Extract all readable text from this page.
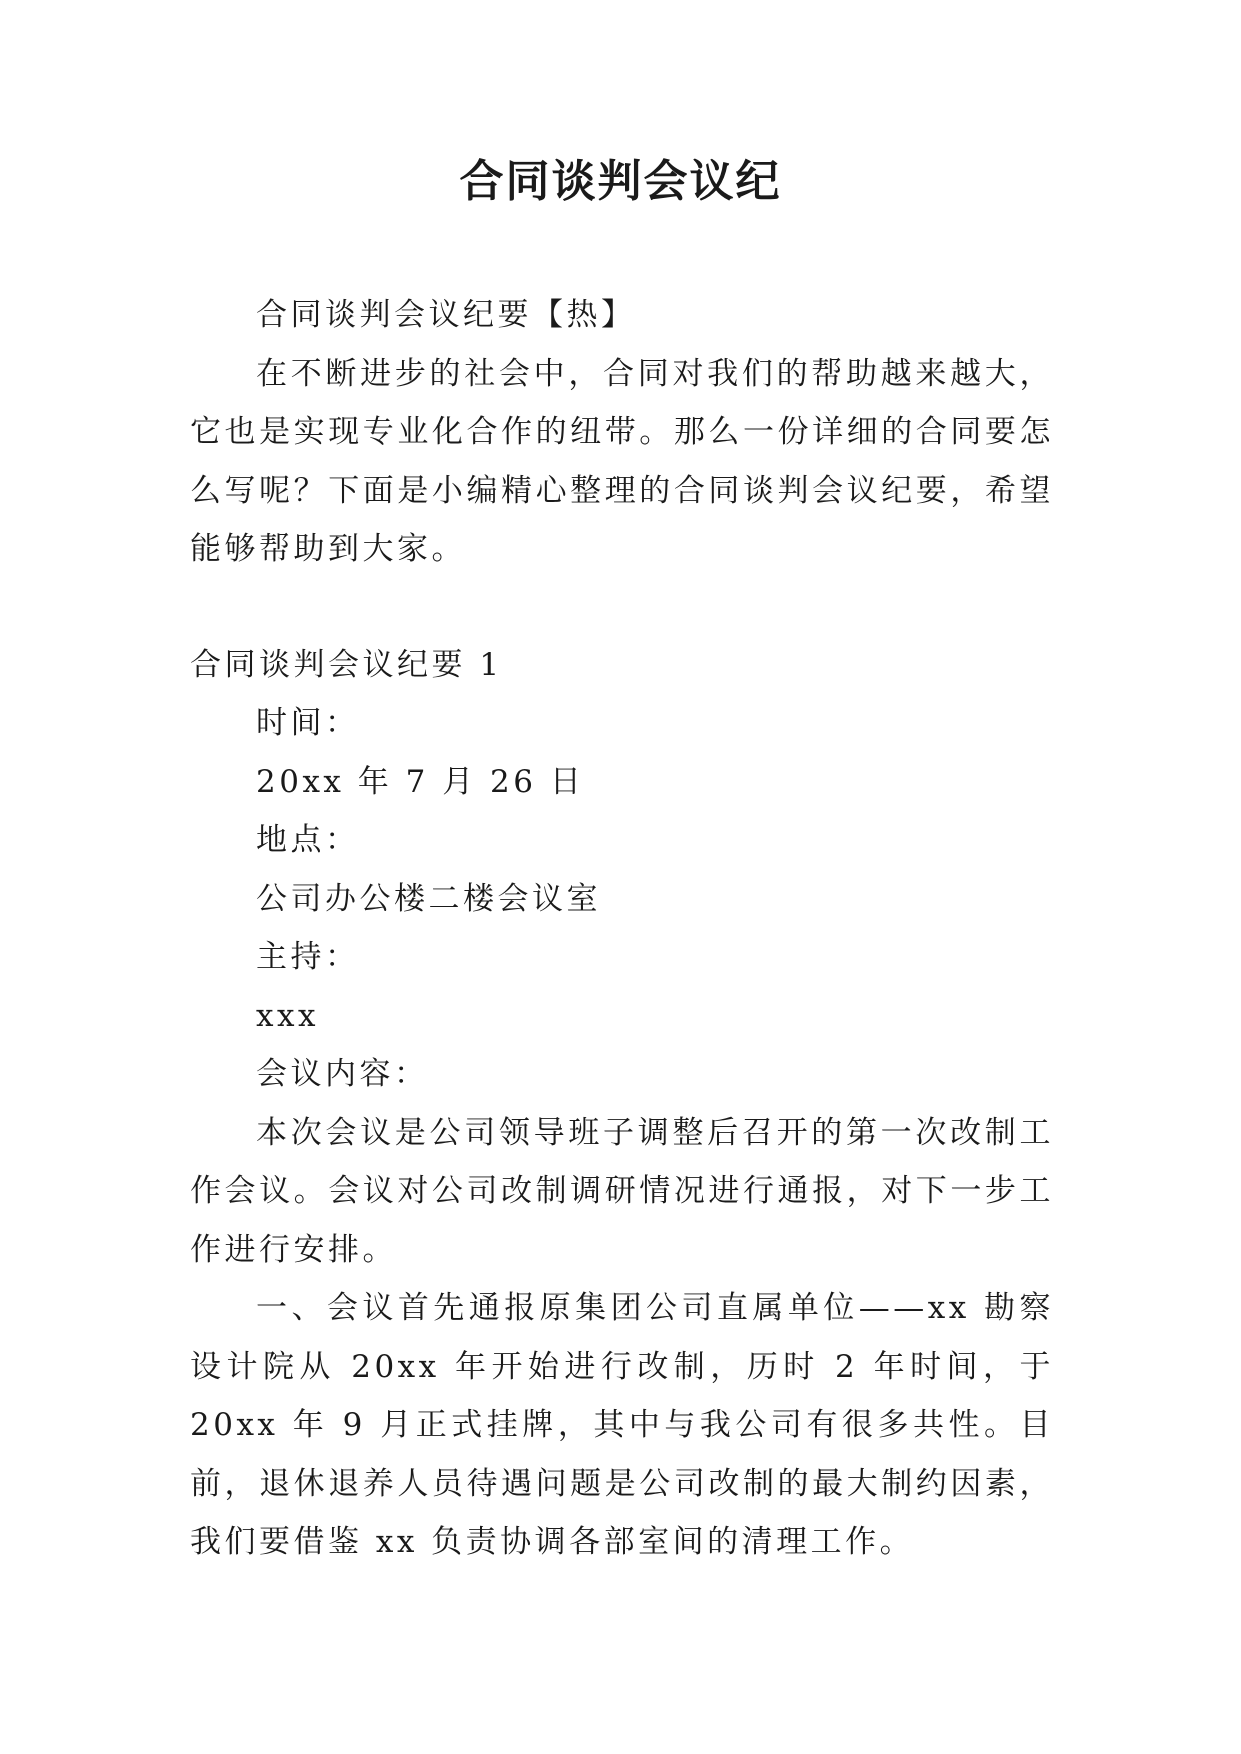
合同谈判会议纪

合同谈判会议纪要【热】

在不断进步的社会中，合同对我们的帮助越来越大，它也是实现专业化合作的纽带。那么一份详细的合同要怎么写呢？下面是小编精心整理的合同谈判会议纪要，希望能够帮助到大家。

合同谈判会议纪要 1

时间：

20xx 年 7 月 26 日

地点：

公司办公楼二楼会议室

主持：

xxx

会议内容：

本次会议是公司领导班子调整后召开的第一次改制工作会议。会议对公司改制调研情况进行通报，对下一步工作进行安排。

一、会议首先通报原集团公司直属单位——xx 勘察设计院从 20xx 年开始进行改制，历时 2 年时间，于 20xx 年 9 月正式挂牌，其中与我公司有很多共性。目前，退休退养人员待遇问题是公司改制的最大制约因素，我们要借鉴 xx 负责协调各部室间的清理工作。
